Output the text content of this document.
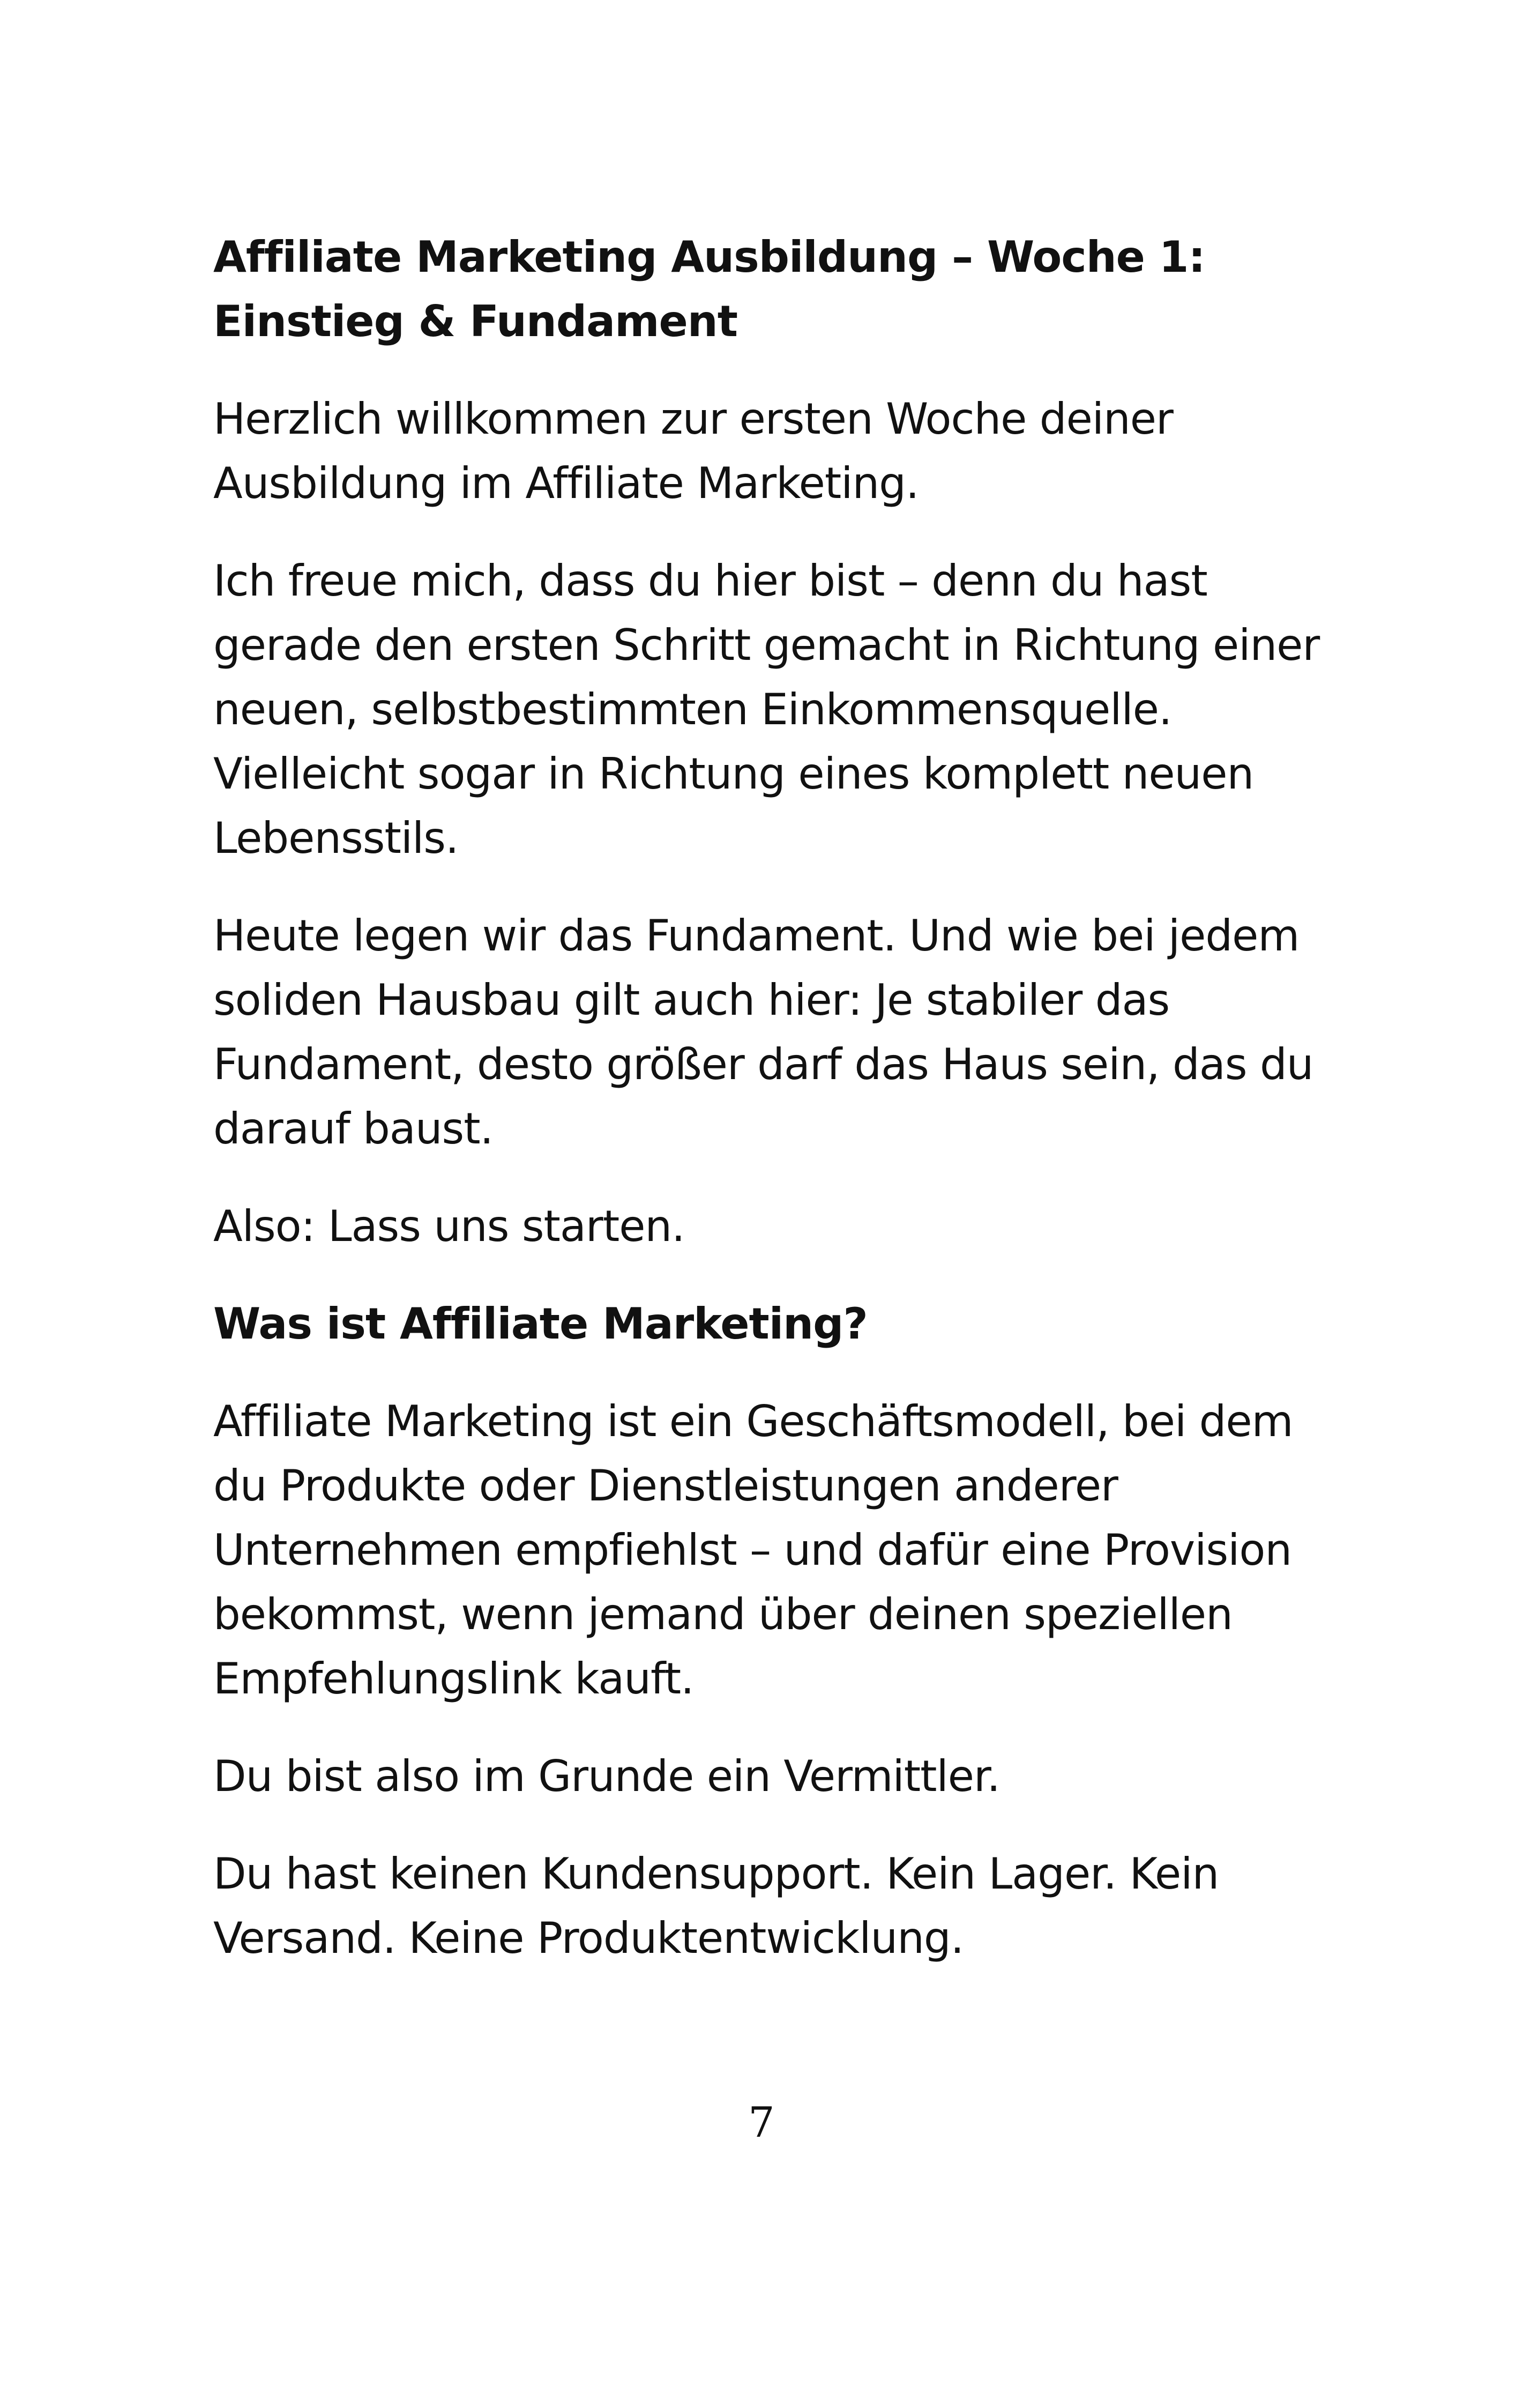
Affiliate Marketing Ausbildung – Woche 1: Einstieg & Fundament

Herzlich willkommen zur ersten Woche deiner Ausbildung im Affiliate Marketing.

Ich freue mich, dass du hier bist – denn du hast gerade den ersten Schritt gemacht in Richtung einer neuen, selbstbestimmten Einkommensquelle. Vielleicht sogar in Richtung eines komplett neuen Lebensstils.

Heute legen wir das Fundament. Und wie bei jedem soliden Hausbau gilt auch hier: Je stabiler das Fundament, desto größer darf das Haus sein, das du darauf baust.

Also: Lass uns starten.

Was ist Affiliate Marketing?

Affiliate Marketing ist ein Geschäftsmodell, bei dem du Produkte oder Dienstleistungen anderer Unternehmen empfiehlst – und dafür eine Provision bekommst, wenn jemand über deinen speziellen Empfehlungslink kauft.

Du bist also im Grunde ein Vermittler.

Du hast keinen Kundensupport. Kein Lager. Kein Versand. Keine Produktentwicklung.

7
